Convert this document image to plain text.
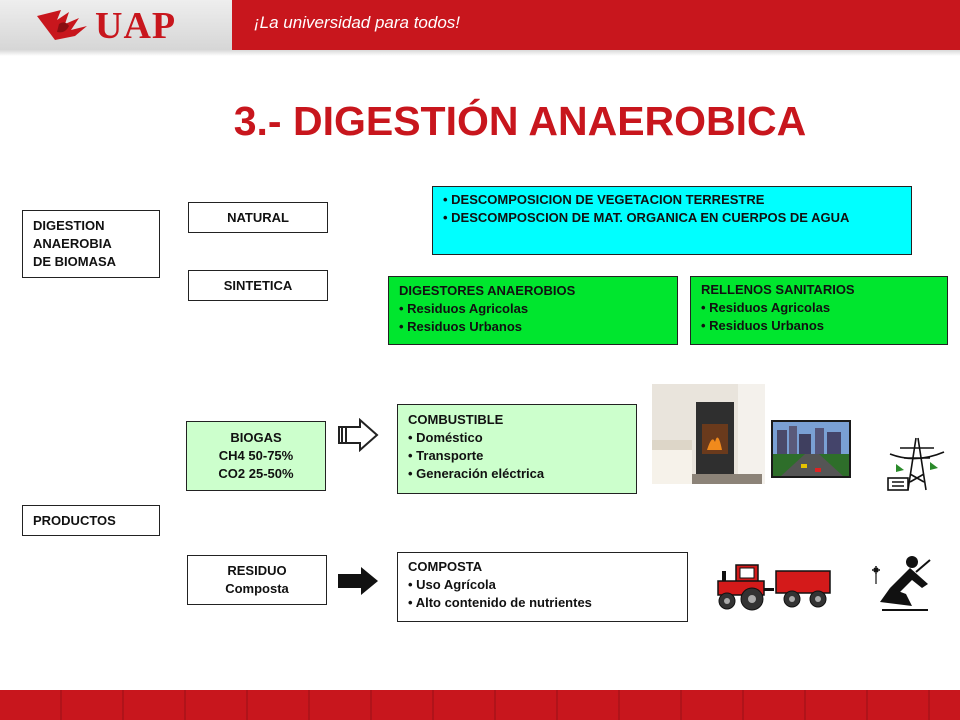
UAP	¡La universidad para todos!
3.- DIGESTIÓN ANAEROBICA
DIGESTION
ANAEROBIA
DE BIOMASA
NATURAL
SINTETICA
• DESCOMPOSICION DE VEGETACION TERRESTRE
• DESCOMPOSCION DE MAT. ORGANICA EN CUERPOS DE AGUA
DIGESTORES ANAEROBIOS
• Residuos Agricolas
• Residuos Urbanos
RELLENOS SANITARIOS
• Residuos Agricolas
• Residuos Urbanos
PRODUCTOS
BIOGAS
CH4 50-75%
CO2 25-50%
COMBUSTIBLE
• Doméstico
• Transporte
• Generación eléctrica
RESIDUO
Composta
COMPOSTA
• Uso Agrícola
• Alto contenido de nutrientes
